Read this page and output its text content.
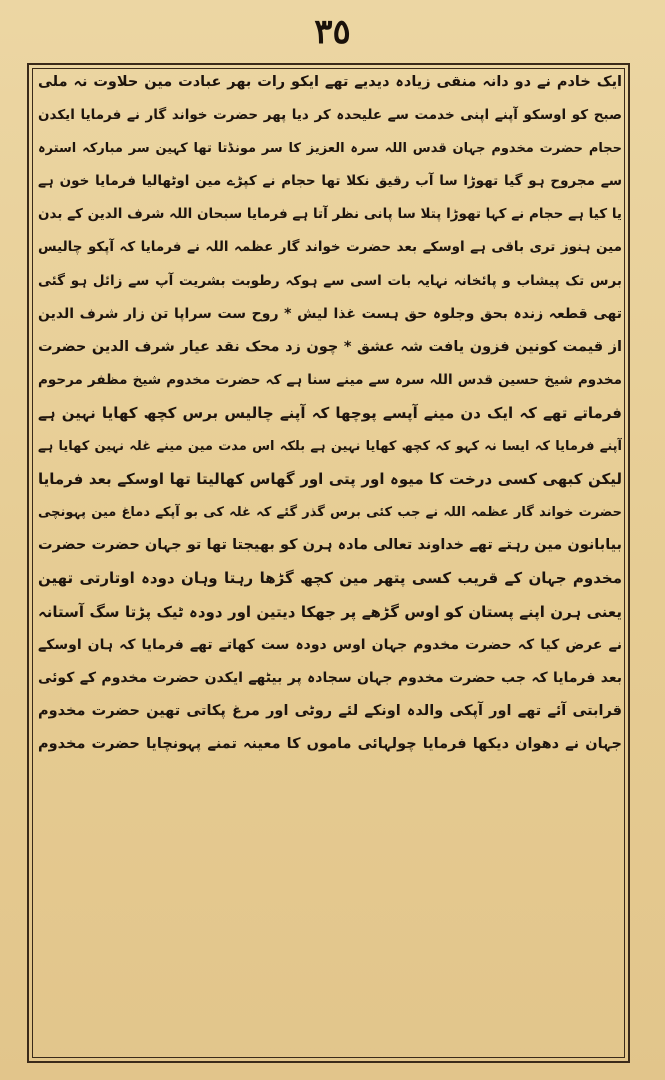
٣٥
ایک خادم نے دو دانہ منقی زیادہ دیدیے تھے ایکو رات بھر عبادت مین حلاوت نہ ملی
صبح کو اوسکو آپنے اپنی خدمت سے علیحدہ کر دیا پھر حضرت خواند گار نے فرمایا ایکدن
حجام حضرت مخدوم جہان قدس اللہ سرہ العزیز کا سر مونڈتا تھا کہین سر مبارکہ استرہ
سے مجروح ہو گیا تھوڑا سا آب رقیق نکلا تھا حجام نے کپڑے مین اوٹھالیا فرمایا خون ہے
یا کیا ہے حجام نے کہا تھوڑا پتلا سا پانی نظر آتا ہے فرمایا سبحان اللہ شرف الدین کے بدن
مین ہنوز تری باقی ہے اوسکے بعد حضرت خواند گار عظمہ اللہ نے فرمایا کہ آپکو چالیس
برس تک پیشاب و پائخانہ نہایہ بات اسی سے ہوکہ رطوبت بشریت آپ سے زائل ہو گئی
تھی قطعہ زندہ بحق وجلوہ حق ہست غذا لیش * روح ست سراپا تن زار شرف الدین
از قیمت کونین فزون یافت شہ عشق * چون زد محک نقد عیار شرف الدین حضرت
مخدوم شیخ حسین قدس اللہ سرہ سے مینے سنا ہے کہ حضرت مخدوم شیخ مظفر مرحوم
فرماتے تھے کہ ایک دن مینے آپسے پوچھا کہ آپنے چالیس برس کچھ کھایا نہین ہے
آپنے فرمایا کہ ایسا نہ کہو کہ کچھ کھایا نہین ہے بلکہ اس مدت مین مینے غلہ نہین کھایا ہے
لیکن کبھی کسی درخت کا میوہ اور پتی اور گھاس کھالیتا تھا اوسکے بعد فرمایا
حضرت خواند گار عظمہ اللہ نے جب کئی برس گذر گئے کہ غلہ کی بو آپکے دماغ مین پہونچی
بیابانون مین رہتے تھے خداوند تعالی مادہ ہرن کو بھیجتا تھا تو جہان حضرت حضرت
مخدوم جہان کے قریب کسی پتھر مین کچھ گڑھا رہتا وہان دودہ اوتارتی تھین
یعنی ہرن اپنے پستان کو اوس گڑھے پر جھکا دیتین اور دودہ ٹیک پڑتا سگ آستانہ
نے عرض کیا کہ حضرت مخدوم جہان اوس دودہ ست کھاتے تھے فرمایا کہ ہان اوسکے
بعد فرمایا کہ جب حضرت مخدوم جہان سجادہ پر بیٹھے ایکدن حضرت مخدوم کے کوئی
قرابتی آئے تھے اور آپکی والدہ اونکے لئے روٹی اور مرغ پکاتی تھین حضرت مخدوم
جہان نے دھوان دیکھا فرمایا چولہائی ماموں کا معینہ تمنے پہونچایا حضرت مخدوم
